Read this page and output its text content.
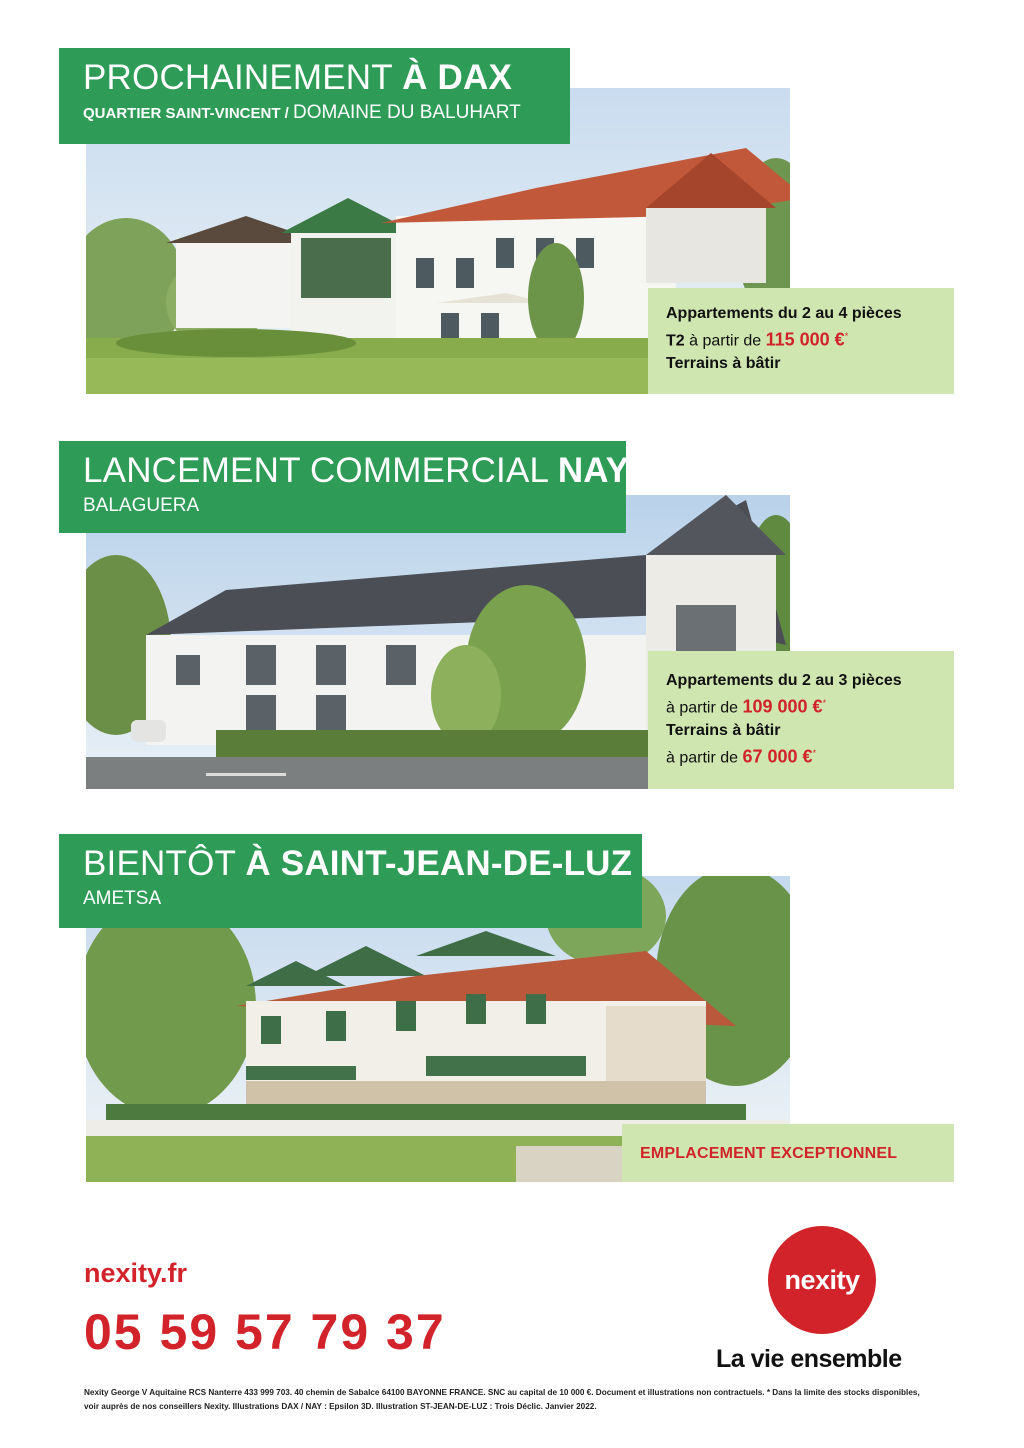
PROCHAINEMENT À DAX
QUARTIER SAINT-VINCENT / DOMAINE DU BALUHART
Appartements du 2 au 4 pièces
T2 à partir de 115 000 €*
Terrains à bâtir
LANCEMENT COMMERCIAL NAY
BALAGUERA
Appartements du 2 au 3 pièces
à partir de 109 000 €*
Terrains à bâtir
à partir de 67 000 €*
BIENTÔT À SAINT-JEAN-DE-LUZ
AMETSA
EMPLACEMENT EXCEPTIONNEL
nexity.fr
05 59 57 79 37
nexity
La vie ensemble
Nexity George V Aquitaine RCS Nanterre 433 999 703. 40 chemin de Sabalce 64100 BAYONNE FRANCE. SNC au capital de 10 000 €. Document et illustrations non contractuels. * Dans la limite des stocks disponibles,
voir auprès de nos conseillers Nexity. Illustrations DAX / NAY : Epsilon 3D. Illustration ST-JEAN-DE-LUZ : Trois Déclic. Janvier 2022.
